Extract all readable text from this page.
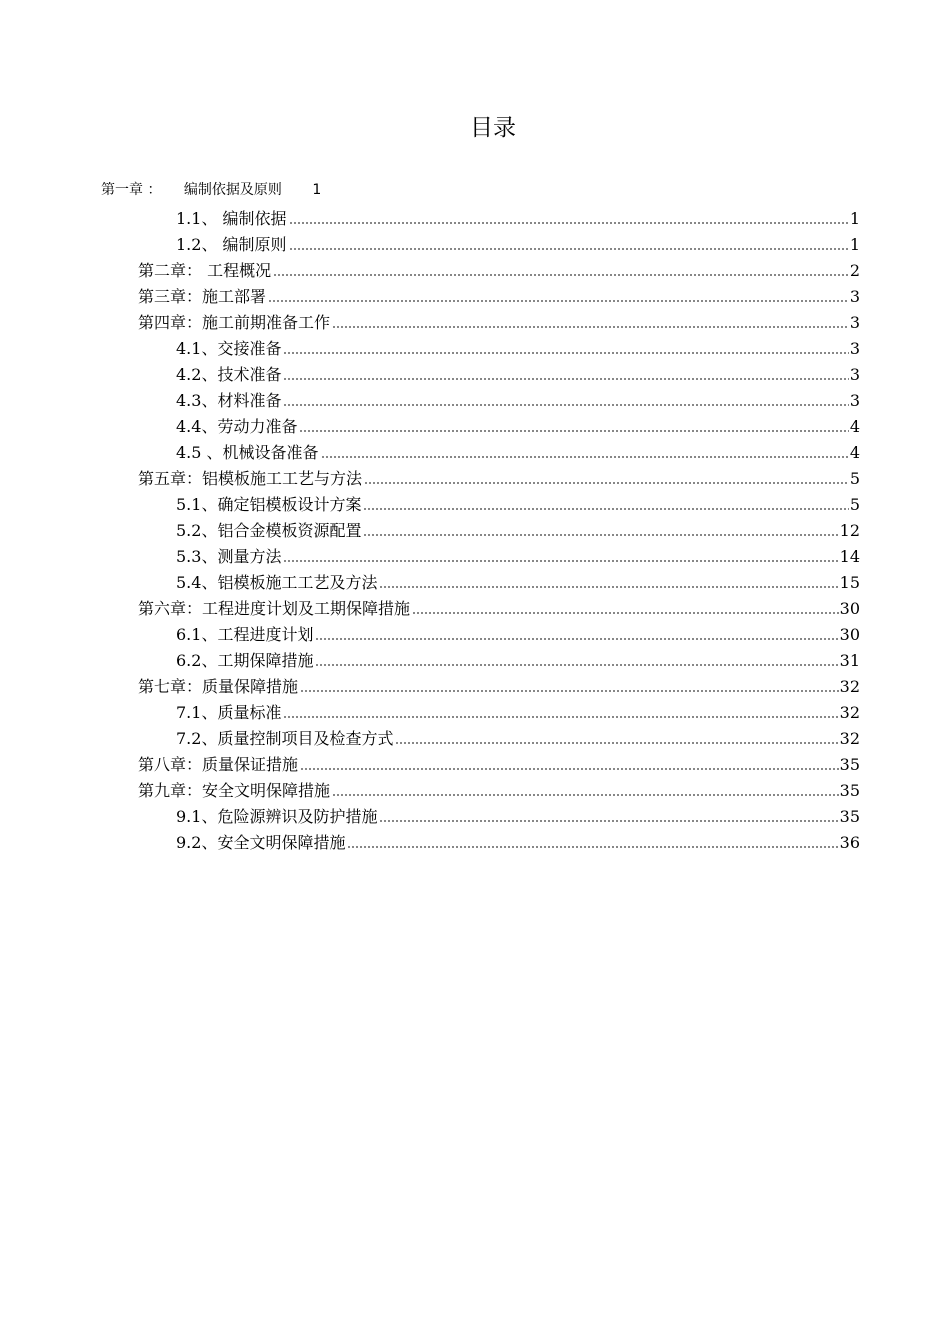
目录
第一章 ： 编制依据及原则 1
1.1、 编制依据	1
1.2、 编制原则	1
第二章： 工程概况	2
第三章：施工部署	3
第四章：施工前期准备工作	3
4.1、交接准备	3
4.2、技术准备	3
4.3、材料准备	3
4.4、劳动力准备	4
4.5 、机械设备准备	4
第五章：铝模板施工工艺与方法	5
5.1、确定铝模板设计方案	5
5.2、铝合金模板资源配置	12
5.3、测量方法	14
5.4、铝模板施工工艺及方法	15
第六章：工程进度计划及工期保障措施	30
6.1、工程进度计划	30
6.2、工期保障措施	31
第七章：质量保障措施	32
7.1、质量标准	32
7.2、质量控制项目及检查方式	32
第八章：质量保证措施	35
第九章：安全文明保障措施	35
9.1、危险源辨识及防护措施	35
9.2、安全文明保障措施	36
